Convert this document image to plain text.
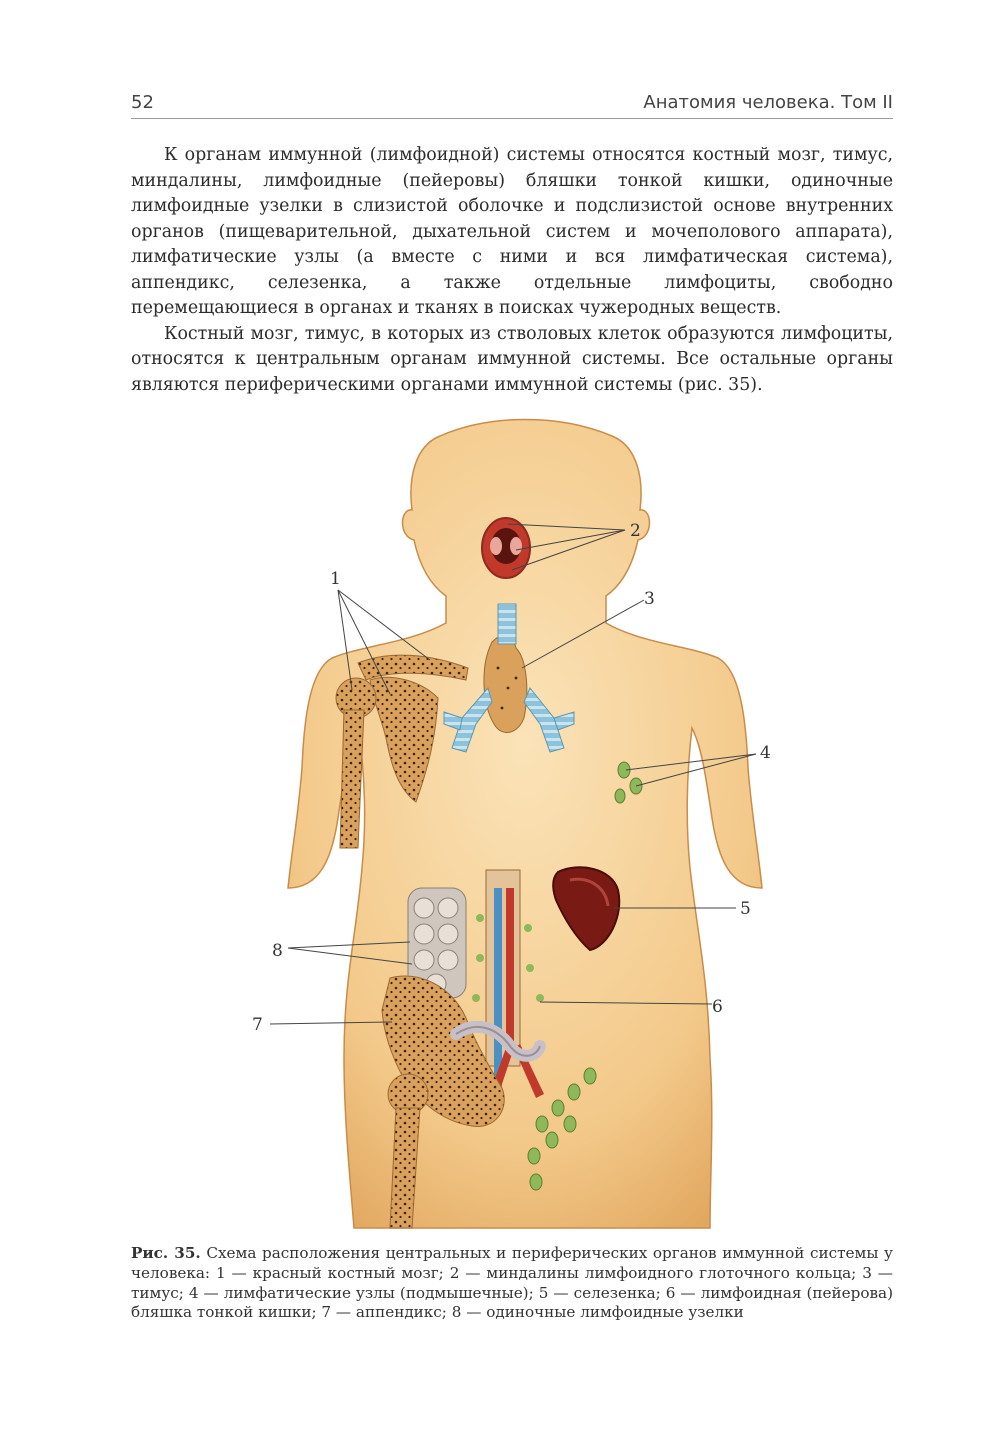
52	Анатомия человека. Том II

К органам иммунной (лимфоидной) системы относятся костный мозг, тимус, миндалины, лимфоидные (пейеровы) бляшки тонкой кишки, одиночные лимфоидные узелки в слизистой оболочке и подслизистой основе внутренних органов (пищеварительной, дыхательной систем и мочеполового аппарата), лимфатические узлы (а вместе с ними и вся лимфатическая система), аппендикс, селезенка, а также отдельные лимфоциты, свободно перемещающиеся в органах и тканях в поисках чужеродных веществ.

Костный мозг, тимус, в которых из стволовых клеток образуются лимфоциты, относятся к центральным органам иммунной системы. Все остальные органы являются периферическими органами иммунной системы (рис. 35).

1
2
3
4
5
6
7
8
Рис. 35. Схема расположения центральных и периферических органов иммунной системы у человека: 1 — красный костный мозг; 2 — миндалины лимфоидного глоточного кольца; 3 — тимус; 4 — лимфатические узлы (подмышечные); 5 — селезенка; 6 — лимфоидная (пейерова) бляшка тонкой кишки; 7 — аппендикс; 8 — одиночные лимфоидные узелки
